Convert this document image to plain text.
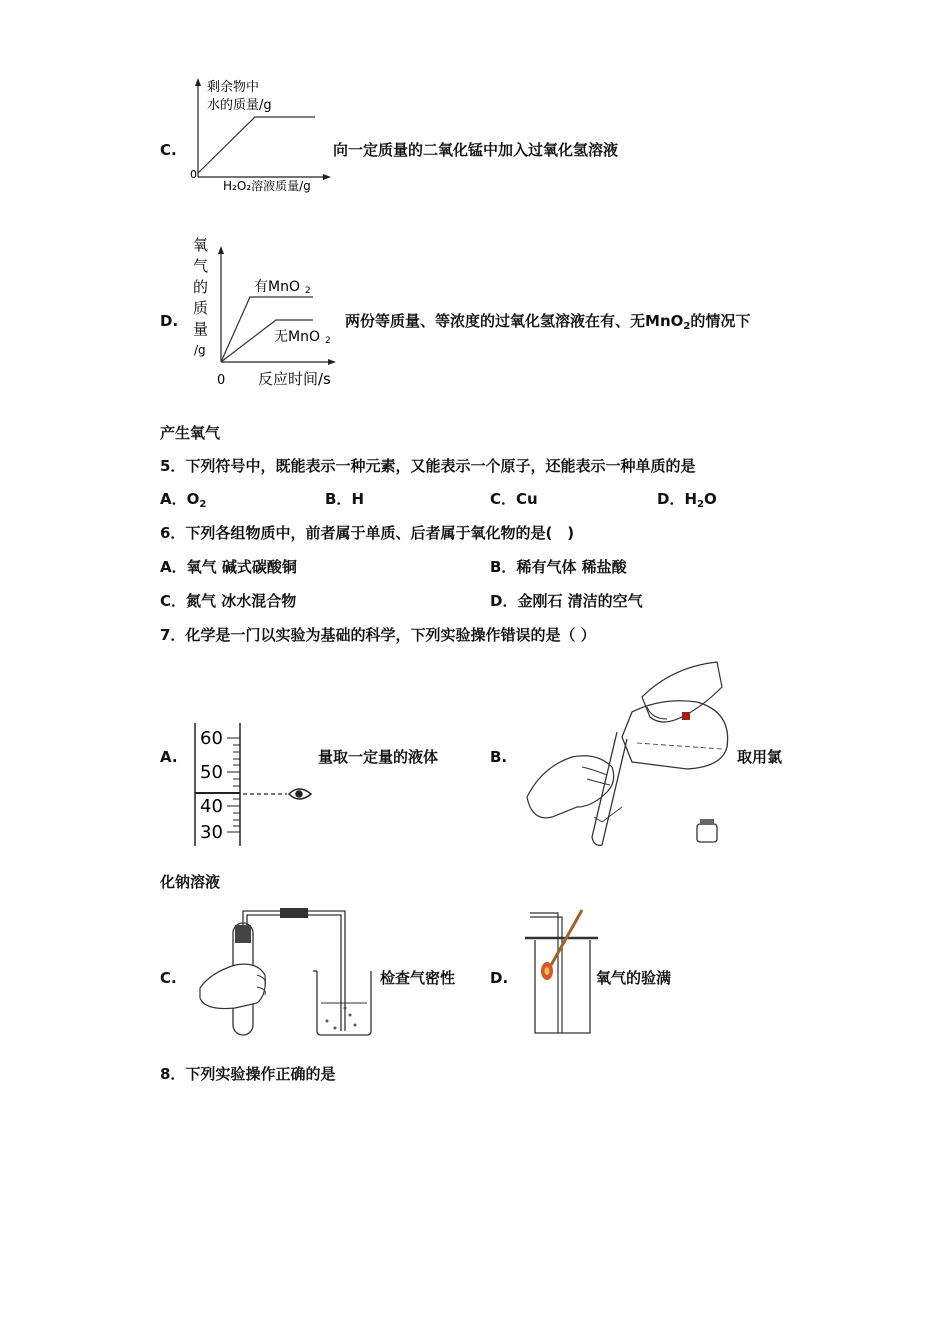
C.
剩余物中
水的质量/g
0
H₂O₂溶液质量/g
向一定质量的二氧化锰中加入过氧化氢溶液
D.
氧
气
的
质
量
/g
有MnO 2
无MnO 2
0 反应时间/s
两份等质量、等浓度的过氧化氢溶液在有、无MnO$_2$的情况下
产生氧气
5．下列符号中，既能表示一种元素，又能表示一个原子，还能表示一种单质的是
A．$O_2$	B．H	C．Cu	D．$H_2O$
6．下列各组物质中，前者属于单质、后者属于氧化物的是(　)
A．氧气 碱式碳酸铜	B．稀有气体 稀盐酸
C．氮气 冰水混合物	D．金刚石 清洁的空气
7．化学是一门以实验为基础的科学，下列实验操作错误的是（ ）
A.
60
50
40
30
量取一定量的液体	B.	取用氯
化钠溶液
C.	检查气密性 D.	氧气的验满
8．下列实验操作正确的是
